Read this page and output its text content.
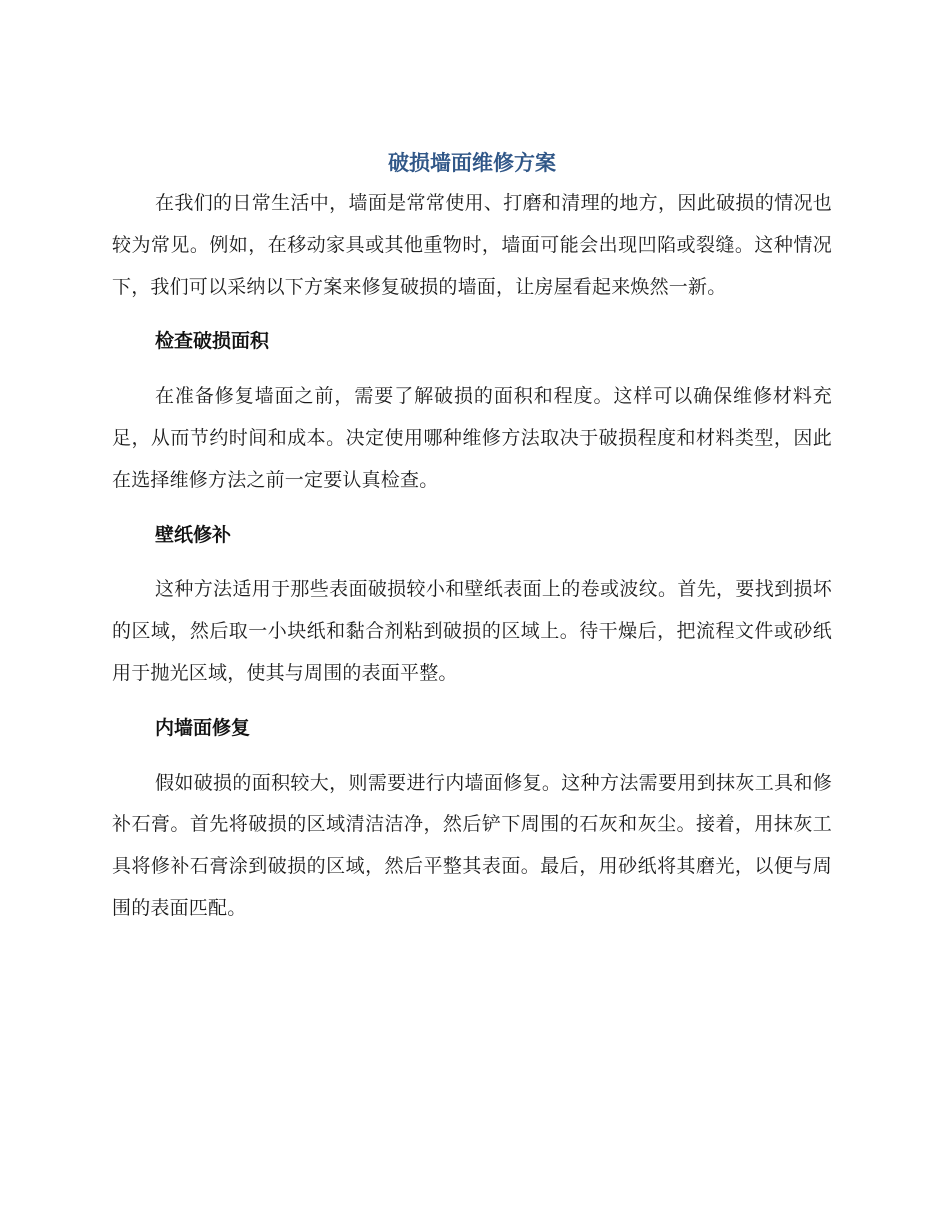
破损墙面维修方案

在我们的日常生活中，墙面是常常使用、打磨和清理的地方，因此破损的情况也较为常见。例如，在移动家具或其他重物时，墙面可能会出现凹陷或裂缝。这种情况下，我们可以采纳以下方案来修复破损的墙面，让房屋看起来焕然一新。

检查破损面积

在准备修复墙面之前，需要了解破损的面积和程度。这样可以确保维修材料充足，从而节约时间和成本。决定使用哪种维修方法取决于破损程度和材料类型，因此在选择维修方法之前一定要认真检查。

壁纸修补

这种方法适用于那些表面破损较小和壁纸表面上的卷或波纹。首先，要找到损坏的区域，然后取一小块纸和黏合剂粘到破损的区域上。待干燥后，把流程文件或砂纸用于抛光区域，使其与周围的表面平整。

内墙面修复

假如破损的面积较大，则需要进行内墙面修复。这种方法需要用到抹灰工具和修补石膏。首先将破损的区域清洁洁净，然后铲下周围的石灰和灰尘。接着，用抹灰工具将修补石膏涂到破损的区域，然后平整其表面。最后，用砂纸将其磨光，以便与周围的表面匹配。
